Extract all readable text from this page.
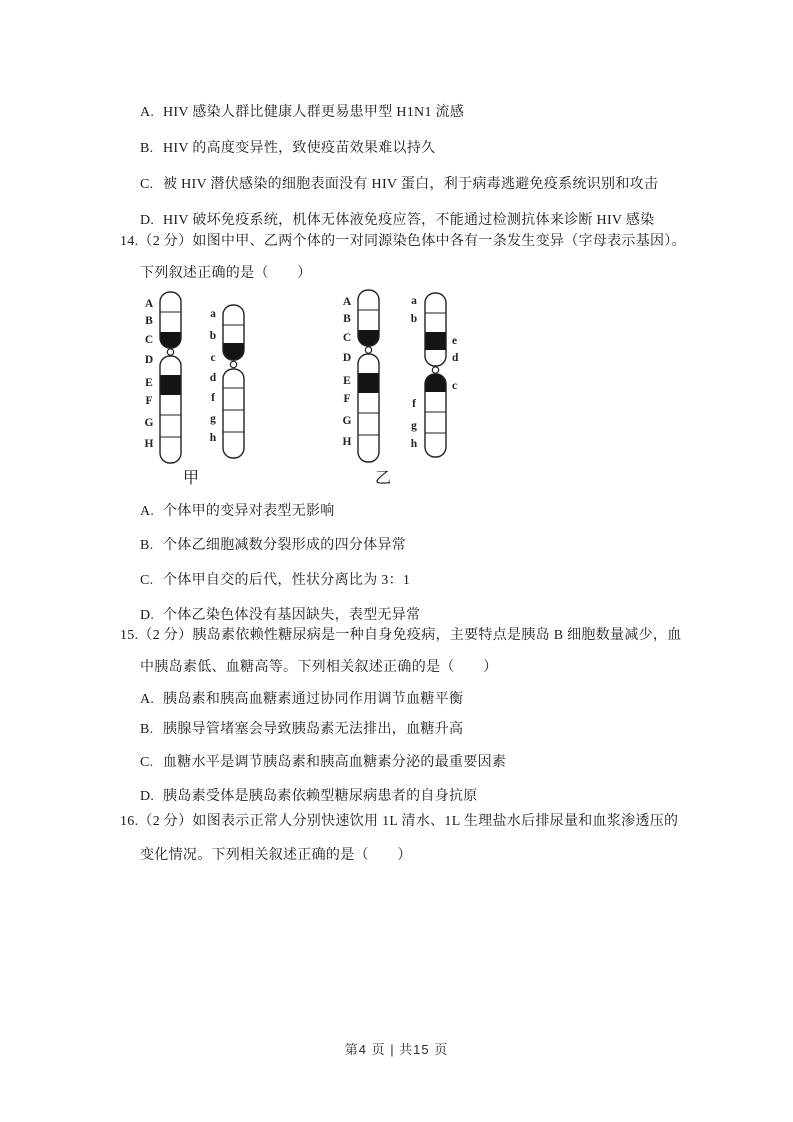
A. HIV 感染人群比健康人群更易患甲型 H1N1 流感
B. HIV 的高度变异性，致使疫苗效果难以持久
C. 被 HIV 潜伏感染的细胞表面没有 HIV 蛋白，利于病毒逃避免疫系统识别和攻击
D. HIV 破坏免疫系统，机体无体液免疫应答，不能通过检测抗体来诊断 HIV 感染
14.（2 分）如图中甲、乙两个体的一对同源染色体中各有一条发生变异（字母表示基因）。
下列叙述正确的是（　　）
A
B
C
D
E
F
G
H
a
b
c
d
f
g
h
甲
A
B
C
D
E
F
G
H
a
b
f
g
h
e
d
c
乙
A. 个体甲的变异对表型无影响
B. 个体乙细胞减数分裂形成的四分体异常
C. 个体甲自交的后代，性状分离比为 3：1
D. 个体乙染色体没有基因缺失，表型无异常
15.（2 分）胰岛素依赖性糖尿病是一种自身免疫病，主要特点是胰岛 B 细胞数量减少，血
中胰岛素低、血糖高等。下列相关叙述正确的是（　　）
A. 胰岛素和胰高血糖素通过协同作用调节血糖平衡
B. 胰腺导管堵塞会导致胰岛素无法排出，血糖升高
C. 血糖水平是调节胰岛素和胰高血糖素分泌的最重要因素
D. 胰岛素受体是胰岛素依赖型糖尿病患者的自身抗原
16.（2 分）如图表示正常人分别快速饮用 1L 清水、1L 生理盐水后排尿量和血浆渗透压的
变化情况。下列相关叙述正确的是（　　）
第4 页 | 共15 页
